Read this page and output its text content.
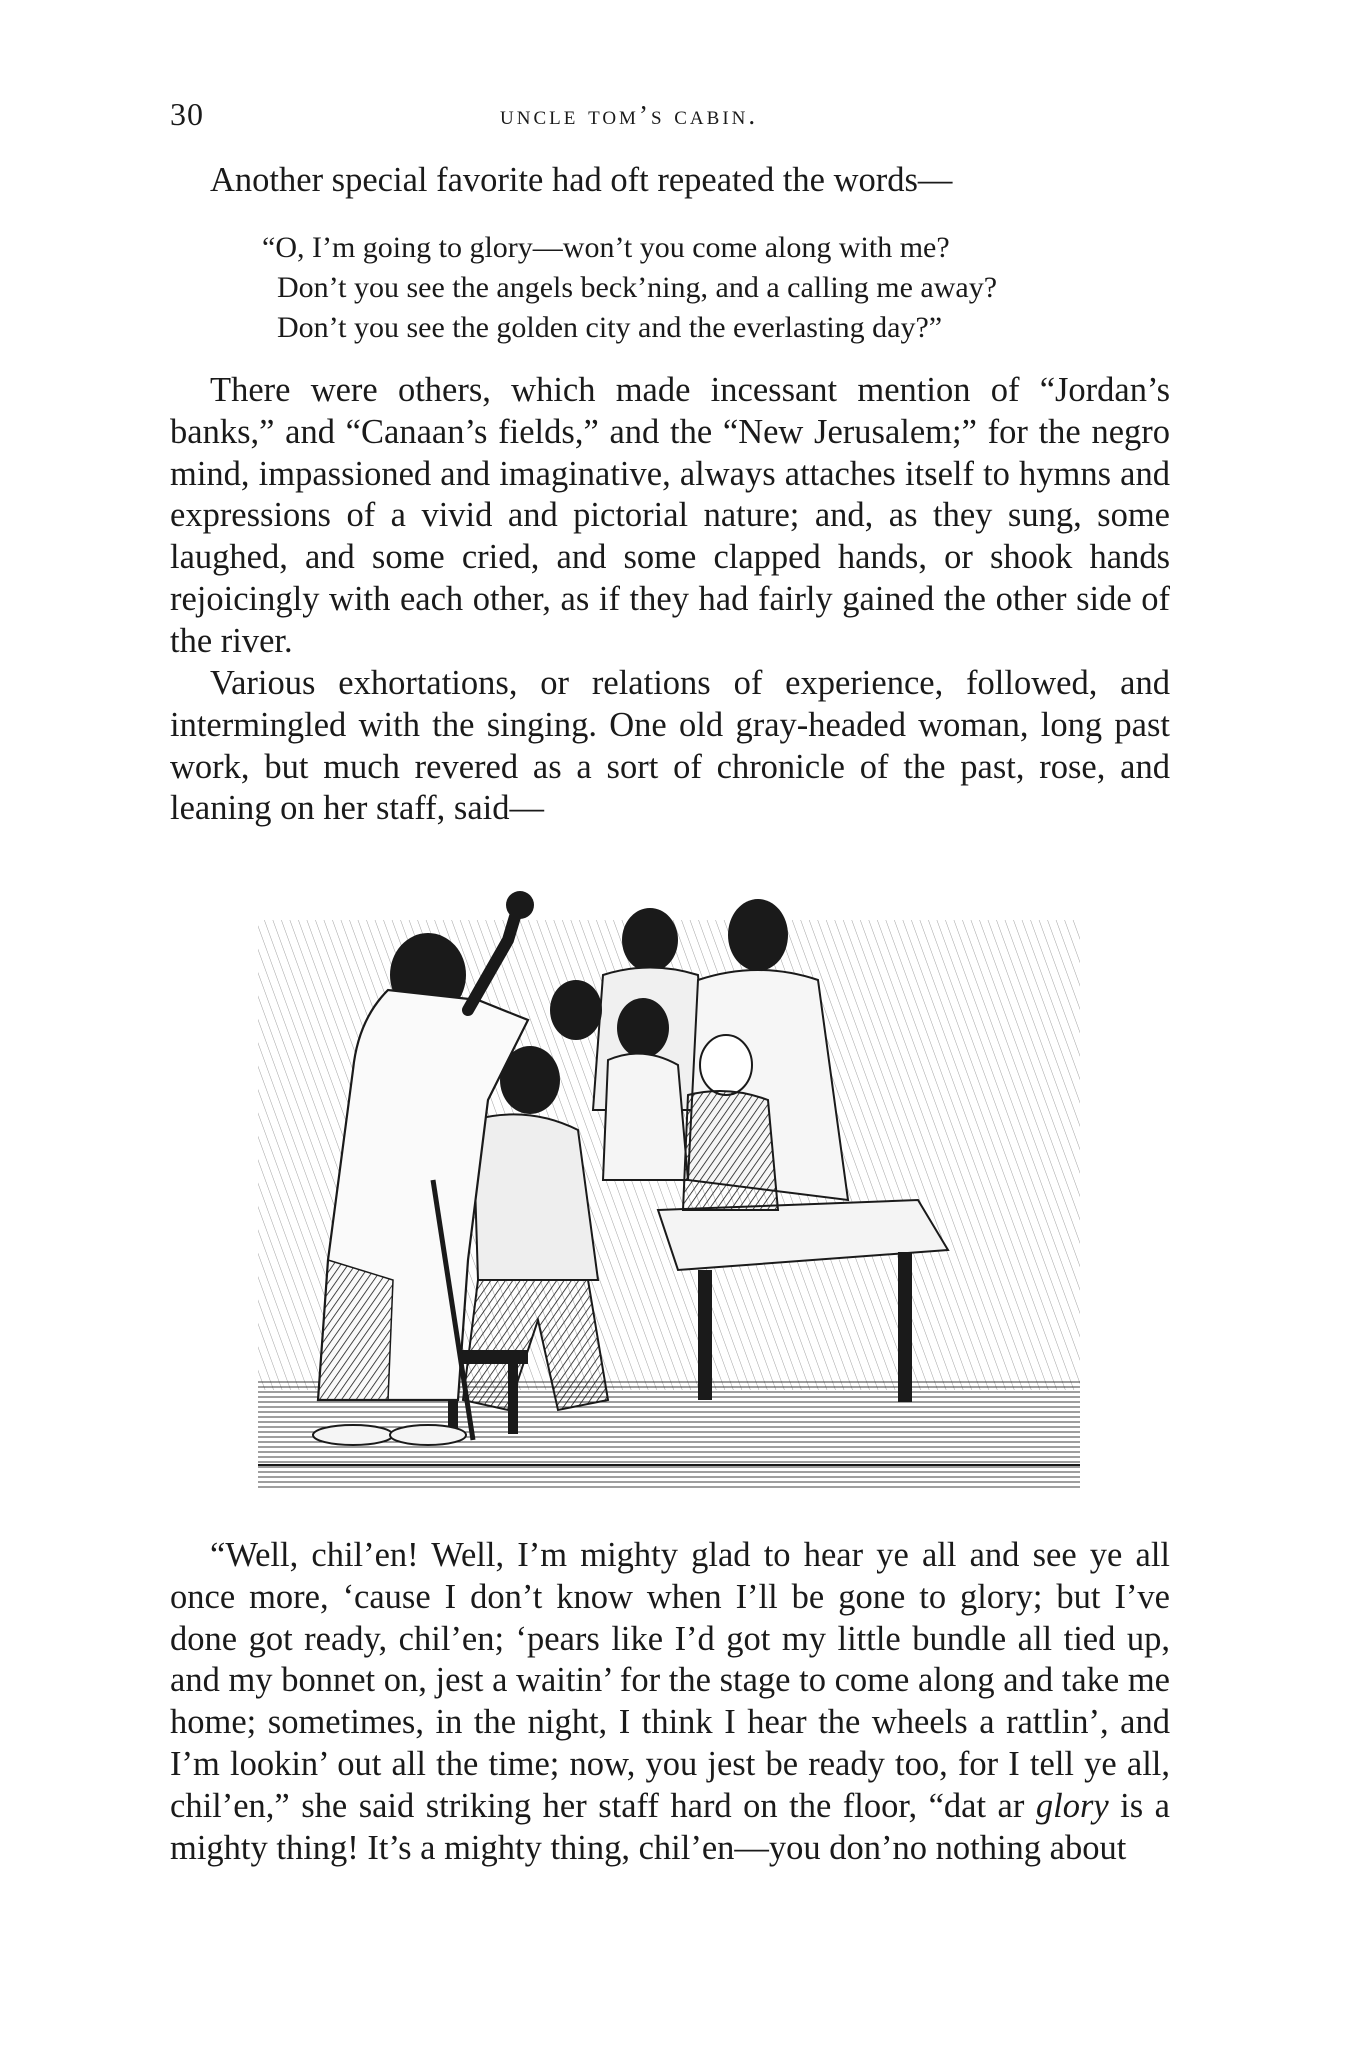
30	uncle tom’s cabin.

Another special favorite had oft repeated the words—

“O, I’m going to glory—won’t you come along with me?
Don’t you see the angels beck’ning, and a calling me away?
Don’t you see the golden city and the everlasting day?”

There were others, which made incessant mention of “Jordan’s banks,” and “Canaan’s fields,” and the “New Jerusalem;” for the negro mind, impassioned and imaginative, always attaches itself to hymns and expressions of a vivid and pictorial nature; and, as they sung, some laughed, and some cried, and some clapped hands, or shook hands rejoicingly with each other, as if they had fairly gained the other side of the river.

Various exhortations, or relations of experience, followed, and intermingled with the singing. One old gray-headed woman, long past work, but much revered as a sort of chronicle of the past, rose, and leaning on her staff, said—

“Well, chil’en! Well, I’m mighty glad to hear ye all and see ye all once more, ‘cause I don’t know when I’ll be gone to glory; but I’ve done got ready, chil’en; ‘pears like I’d got my little bundle all tied up, and my bonnet on, jest a waitin’ for the stage to come along and take me home; sometimes, in the night, I think I hear the wheels a rattlin’, and I’m lookin’ out all the time; now, you jest be ready too, for I tell ye all, chil’en,” she said striking her staff hard on the floor, “dat ar glory is a mighty thing! It’s a mighty thing, chil’en—you don’no nothing about
